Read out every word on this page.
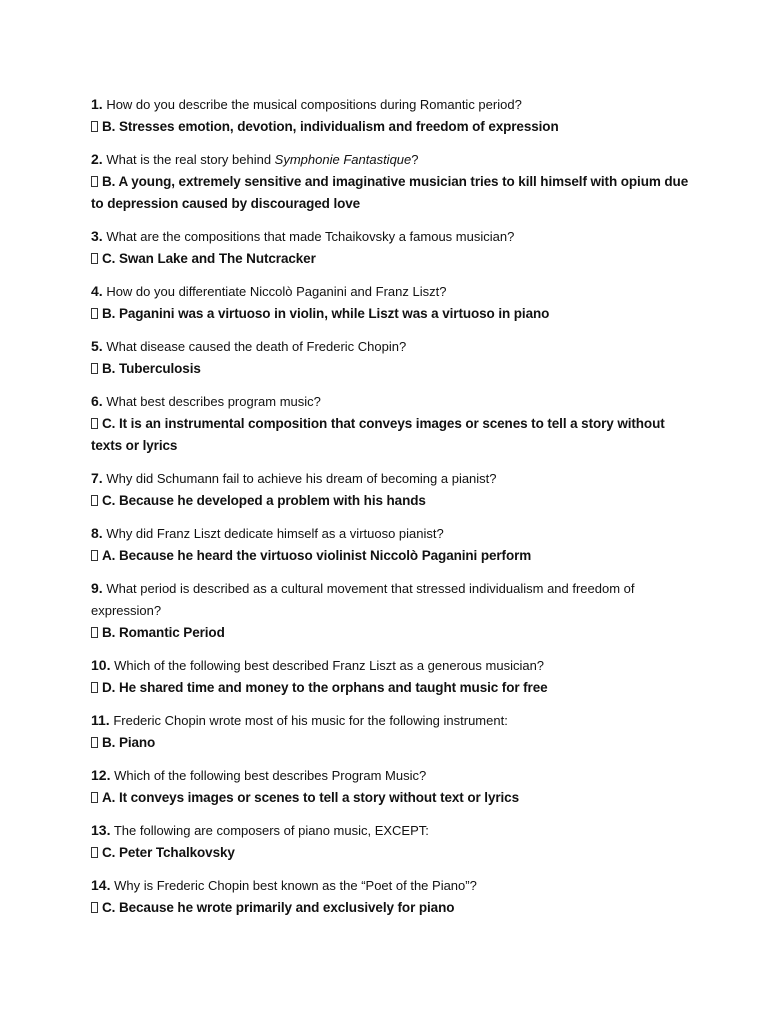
1. How do you describe the musical compositions during Romantic period?
B. Stresses emotion, devotion, individualism and freedom of expression
2. What is the real story behind Symphonie Fantastique?
B. A young, extremely sensitive and imaginative musician tries to kill himself with opium due to depression caused by discouraged love
3. What are the compositions that made Tchaikovsky a famous musician?
C. Swan Lake and The Nutcracker
4. How do you differentiate Niccolò Paganini and Franz Liszt?
B. Paganini was a virtuoso in violin, while Liszt was a virtuoso in piano
5. What disease caused the death of Frederic Chopin?
B. Tuberculosis
6. What best describes program music?
C. It is an instrumental composition that conveys images or scenes to tell a story without texts or lyrics
7. Why did Schumann fail to achieve his dream of becoming a pianist?
C. Because he developed a problem with his hands
8. Why did Franz Liszt dedicate himself as a virtuoso pianist?
A. Because he heard the virtuoso violinist Niccolò Paganini perform
9. What period is described as a cultural movement that stressed individualism and freedom of expression?
B. Romantic Period
10. Which of the following best described Franz Liszt as a generous musician?
D. He shared time and money to the orphans and taught music for free
11. Frederic Chopin wrote most of his music for the following instrument:
B. Piano
12. Which of the following best describes Program Music?
A. It conveys images or scenes to tell a story without text or lyrics
13. The following are composers of piano music, EXCEPT:
C. Peter Tchalkovsky
14. Why is Frederic Chopin best known as the “Poet of the Piano”?
C. Because he wrote primarily and exclusively for piano
